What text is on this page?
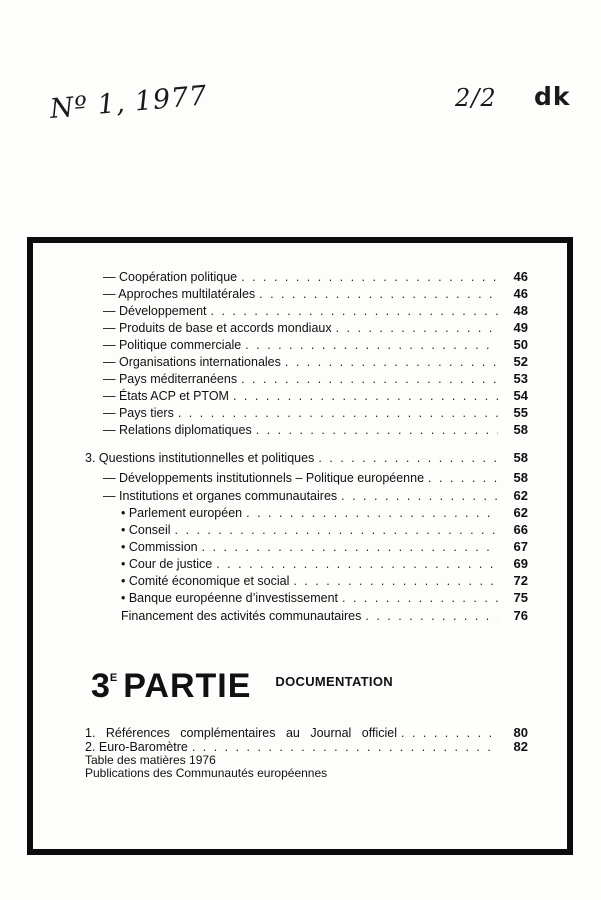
Nº 1, 1977	2/2 dk
— Coopération politique . . .	46
— Approches multilatérales . . .	46
— Développement . . .	48
— Produits de base et accords mondiaux . . .	49
— Politique commerciale . . .	50
— Organisations internationales . . .	52
— Pays méditerranéens . . .	53
— États ACP et PTOM . . .	54
— Pays tiers . . .	55
— Relations diplomatiques . . .	58
3. Questions institutionnelles et politiques . . .	58
— Développements institutionnels – Politique européenne . . .	58
— Institutions et organes communautaires . . .	62
• Parlement européen . . .	62
• Conseil . . .	66
• Commission . . .	67
• Cour de justice . . .	69
• Comité économique et social . . .	72
• Banque européenne d’investissement . . .	75
Financement des activités communautaires . . .	76
3 E PARTIE DOCUMENTATION
1. Références complémentaires au Journal officiel . . .	80
2. Euro-Baromètre . . .	82
Table des matières 1976
Publications des Communautés européennes
